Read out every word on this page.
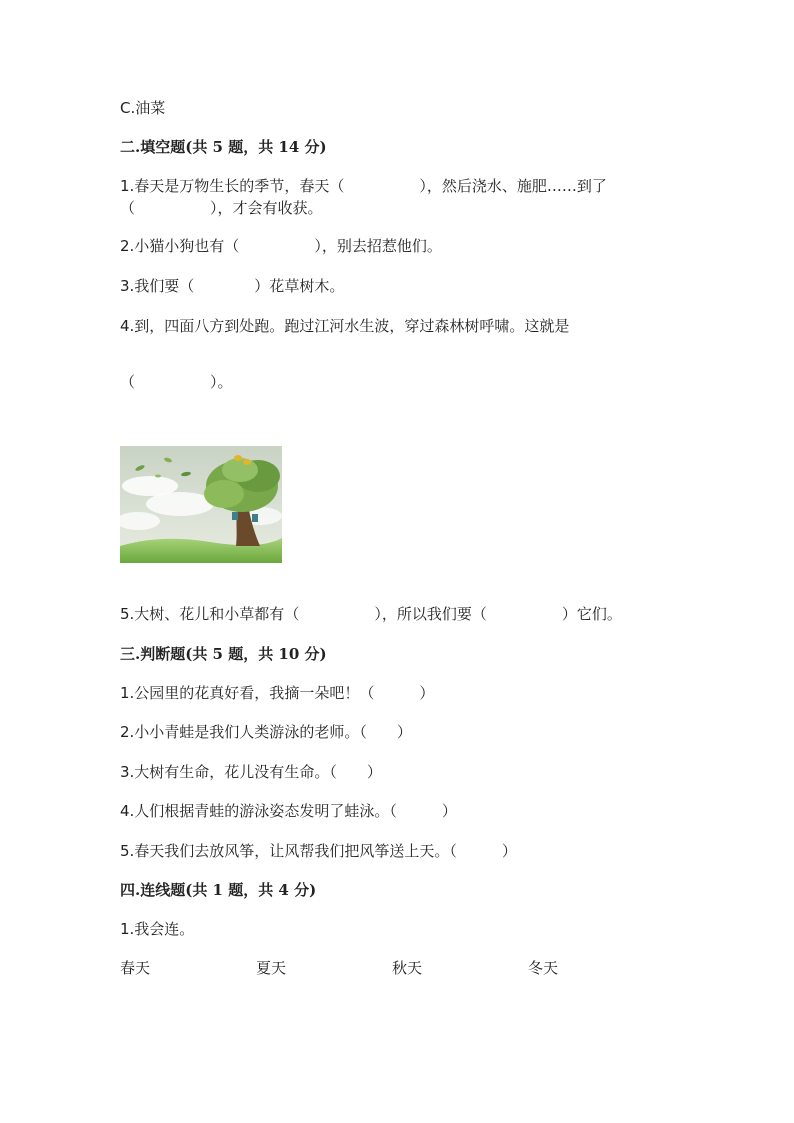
C.油菜
二.填空题(共 5 题，共 14 分)
1.春天是万物生长的季节，春天（　　　　　），然后浇水、施肥……到了
（　　　　　），才会有收获。
2.小猫小狗也有（　　　　　），别去招惹他们。
3.我们要（　　　　）花草树木。
4.到，四面八方到处跑。跑过江河水生波，穿过森林树呼啸。这就是
（　　　　　）。
5.大树、花儿和小草都有（　　　　　），所以我们要（　　　　　）它们。
三.判断题(共 5 题，共 10 分)
1.公园里的花真好看，我摘一朵吧！（　　　）
2.小小青蛙是我们人类游泳的老师。（　　）
3.大树有生命，花儿没有生命。（　　）
4.人们根据青蛙的游泳姿态发明了蛙泳。（　　　）
5.春天我们去放风筝，让风帮我们把风筝送上天。（　　　）
四.连线题(共 1 题，共 4 分)
1.我会连。
春天	夏天	秋天	冬天
